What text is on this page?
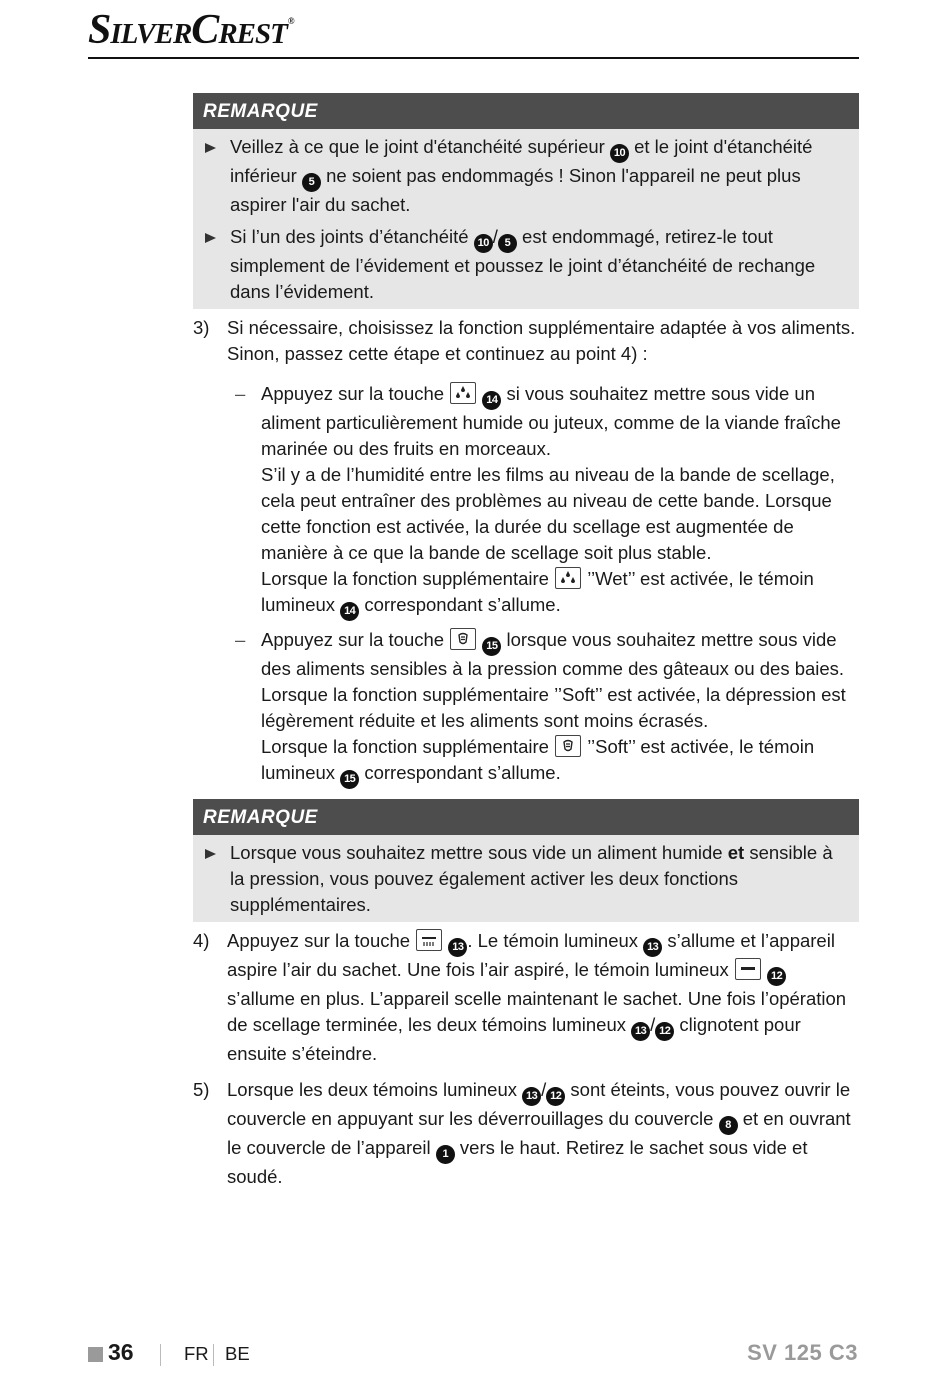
SilverCrest®
REMARQUE
Veillez à ce que le joint d'étanchéité supérieur 10 et le joint d'étanchéité inférieur 5 ne soient pas endommagés ! Sinon l'appareil ne peut plus aspirer l'air du sachet.
Si l’un des joints d’étanchéité 10 / 5 est endommagé, retirez-le tout simplement de l’évidement et poussez le joint d’étanchéité de rechange dans l’évidement.
3) Si nécessaire, choisissez la fonction supplémentaire adaptée à vos aliments. Sinon, passez cette étape et continuez au point 4) :
– Appuyez sur la touche	14 si vous souhaitez mettre sous vide un aliment particulièrement humide ou juteux, comme de la viande fraîche marinée ou des fruits en morceaux.
S’il y a de l’humidité entre les films au niveau de la bande de scellage, cela peut entraîner des problèmes au niveau de cette bande. Lorsque cette fonction est activée, la durée du scellage est augmentée de manière à ce que la bande de scellage soit plus stable.
Lorsque la fonction supplémentaire ’’Wet’’ est activée, le témoin lumineux 14 correspondant s’allume.
– Appuyez sur la touche	15 lorsque vous souhaitez mettre sous vide des aliments sensibles à la pression comme des gâteaux ou des baies.
Lorsque la fonction supplémentaire ’’Soft’’ est activée, la dépression est légèrement réduite et les aliments sont moins écrasés.
Lorsque la fonction supplémentaire ’’Soft’’ est activée, le témoin lumineux 15 correspondant s’allume.
REMARQUE
Lorsque vous souhaitez mettre sous vide un aliment humide et sensible à la pression, vous pouvez également activer les deux fonctions supplémentaires.
4) Appuyez sur la touche	13 . Le témoin lumineux 13 s’allume et l’appareil aspire l’air du sachet. Une fois l’air aspiré, le témoin lumineux	12 s’allume en plus. L’appareil scelle maintenant le sachet. Une fois l’opération de scellage terminée, les deux témoins lumineux 13 / 12 clignotent pour ensuite s’éteindre.
5) Lorsque les deux témoins lumineux 13 / 12 sont éteints, vous pouvez ouvrir le couvercle en appuyant sur les déverrouillages du couvercle 8 et en ouvrant le couvercle de l’appareil 1 vers le haut. Retirez le sachet sous vide et soudé.
36	FR BE	SV 125 C3
